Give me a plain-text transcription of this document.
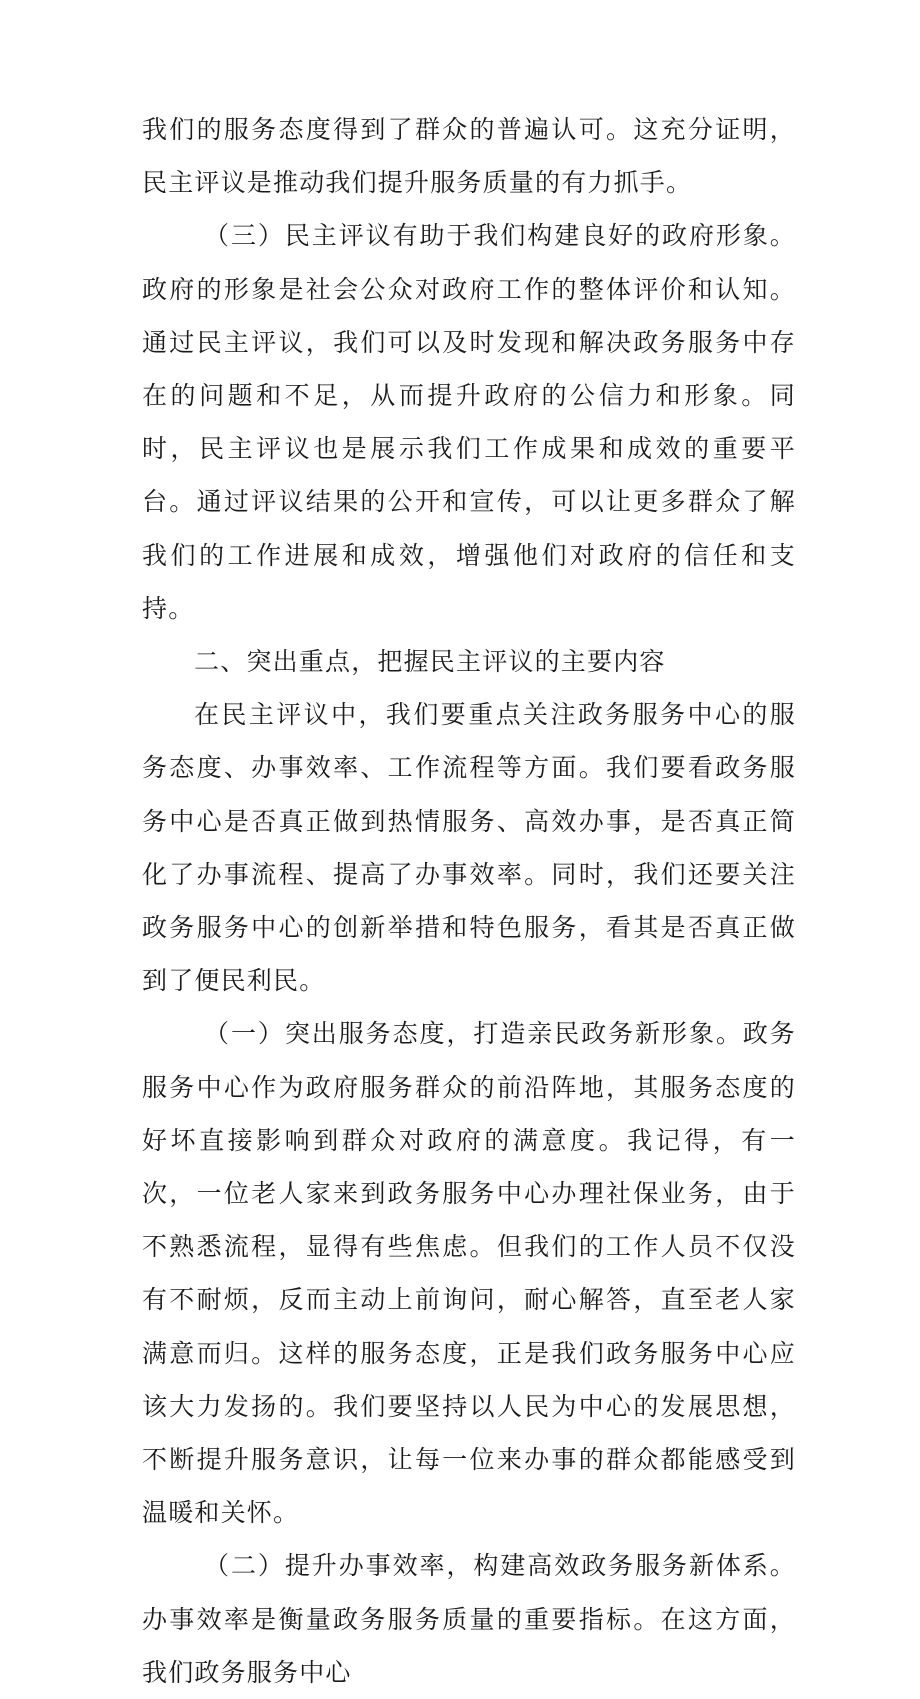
我们的服务态度得到了群众的普遍认可。这充分证明，民主评议是推动我们提升服务质量的有力抓手。

（三）民主评议有助于我们构建良好的政府形象。政府的形象是社会公众对政府工作的整体评价和认知。通过民主评议，我们可以及时发现和解决政务服务中存在的问题和不足，从而提升政府的公信力和形象。同时，民主评议也是展示我们工作成果和成效的重要平台。通过评议结果的公开和宣传，可以让更多群众了解我们的工作进展和成效，增强他们对政府的信任和支持。

二、突出重点，把握民主评议的主要内容

在民主评议中，我们要重点关注政务服务中心的服务态度、办事效率、工作流程等方面。我们要看政务服务中心是否真正做到热情服务、高效办事，是否真正简化了办事流程、提高了办事效率。同时，我们还要关注政务服务中心的创新举措和特色服务，看其是否真正做到了便民利民。

（一）突出服务态度，打造亲民政务新形象。政务服务中心作为政府服务群众的前沿阵地，其服务态度的好坏直接影响到群众对政府的满意度。我记得，有一次，一位老人家来到政务服务中心办理社保业务，由于不熟悉流程，显得有些焦虑。但我们的工作人员不仅没有不耐烦，反而主动上前询问，耐心解答，直至老人家满意而归。这样的服务态度，正是我们政务服务中心应该大力发扬的。我们要坚持以人民为中心的发展思想，不断提升服务意识，让每一位来办事的群众都能感受到温暖和关怀。

（二）提升办事效率，构建高效政务服务新体系。办事效率是衡量政务服务质量的重要指标。在这方面，我们政务服务中心
